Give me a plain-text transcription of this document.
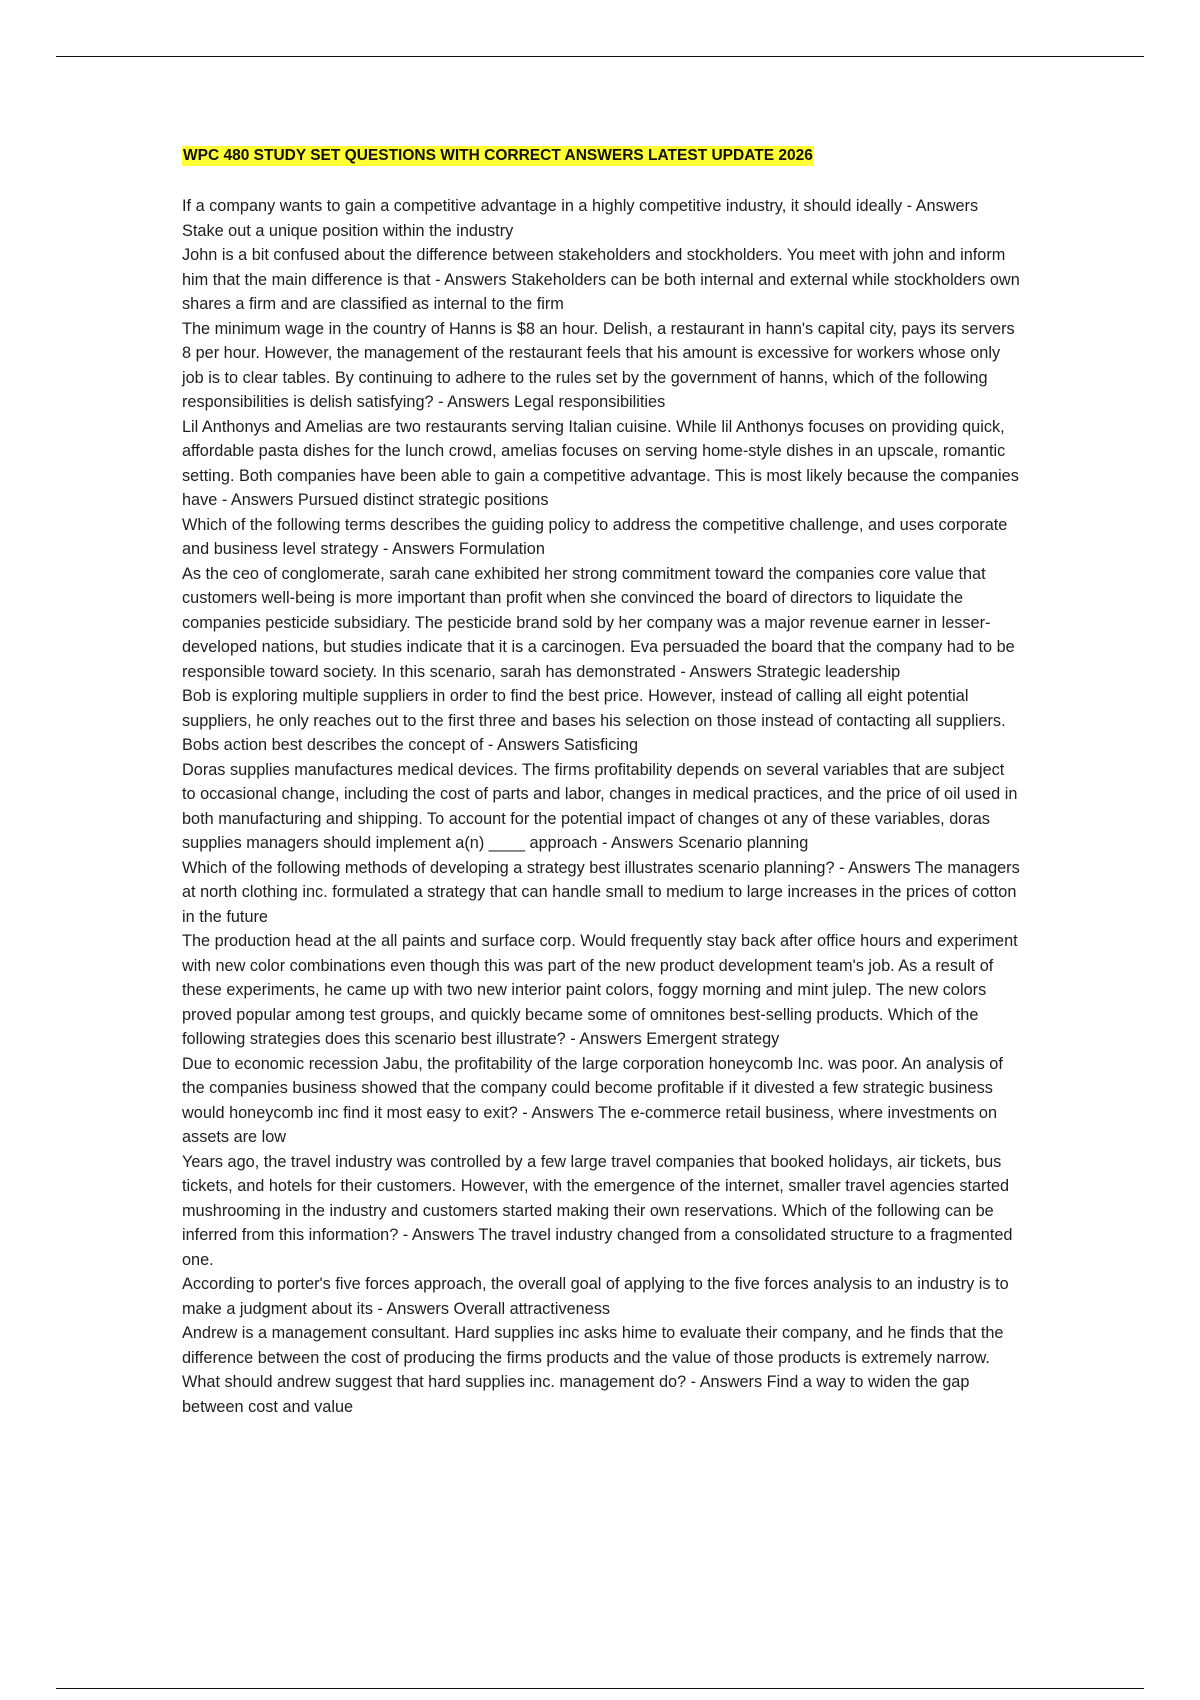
WPC 480 STUDY SET QUESTIONS WITH CORRECT ANSWERS LATEST UPDATE 2026

If a company wants to gain a competitive advantage in a highly competitive industry, it should ideally - Answers Stake out a unique position within the industry

John is a bit confused about the difference between stakeholders and stockholders. You meet with john and inform him that the main difference is that - Answers Stakeholders can be both internal and external while stockholders own shares a firm and are classified as internal to the firm

The minimum wage in the country of Hanns is $8 an hour. Delish, a restaurant in hann's capital city, pays its servers 8 per hour. However, the management of the restaurant feels that his amount is excessive for workers whose only job is to clear tables. By continuing to adhere to the rules set by the government of hanns, which of the following responsibilities is delish satisfying? - Answers Legal responsibilities

Lil Anthonys and Amelias are two restaurants serving Italian cuisine. While lil Anthonys focuses on providing quick, affordable pasta dishes for the lunch crowd, amelias focuses on serving home-style dishes in an upscale, romantic setting. Both companies have been able to gain a competitive advantage. This is most likely because the companies have - Answers Pursued distinct strategic positions

Which of the following terms describes the guiding policy to address the competitive challenge, and uses corporate and business level strategy - Answers Formulation

As the ceo of conglomerate, sarah cane exhibited her strong commitment toward the companies core value that customers well-being is more important than profit when she convinced the board of directors to liquidate the companies pesticide subsidiary. The pesticide brand sold by her company was a major revenue earner in lesser-developed nations, but studies indicate that it is a carcinogen. Eva persuaded the board that the company had to be responsible toward society. In this scenario, sarah has demonstrated - Answers Strategic leadership

Bob is exploring multiple suppliers in order to find the best price. However, instead of calling all eight potential suppliers, he only reaches out to the first three and bases his selection on those instead of contacting all suppliers. Bobs action best describes the concept of - Answers Satisficing

Doras supplies manufactures medical devices. The firms profitability depends on several variables that are subject to occasional change, including the cost of parts and labor, changes in medical practices, and the price of oil used in both manufacturing and shipping. To account for the potential impact of changes ot any of these variables, doras supplies managers should implement a(n) ____ approach - Answers Scenario planning

Which of the following methods of developing a strategy best illustrates scenario planning? - Answers The managers at north clothing inc. formulated a strategy that can handle small to medium to large increases in the prices of cotton in the future

The production head at the all paints and surface corp. Would frequently stay back after office hours and experiment with new color combinations even though this was part of the new product development team's job. As a result of these experiments, he came up with two new interior paint colors, foggy morning and mint julep. The new colors proved popular among test groups, and quickly became some of omnitones best-selling products. Which of the following strategies does this scenario best illustrate? - Answers Emergent strategy

Due to economic recession Jabu, the profitability of the large corporation honeycomb Inc. was poor. An analysis of the companies business showed that the company could become profitable if it divested a few strategic business would honeycomb inc find it most easy to exit? - Answers The e-commerce retail business, where investments on assets are low

Years ago, the travel industry was controlled by a few large travel companies that booked holidays, air tickets, bus tickets, and hotels for their customers. However, with the emergence of the internet, smaller travel agencies started mushrooming in the industry and customers started making their own reservations. Which of the following can be inferred from this information? - Answers The travel industry changed from a consolidated structure to a fragmented one.

According to porter's five forces approach, the overall goal of applying to the five forces analysis to an industry is to make a judgment about its - Answers Overall attractiveness

Andrew is a management consultant. Hard supplies inc asks hime to evaluate their company, and he finds that the difference between the cost of producing the firms products and the value of those products is extremely narrow. What should andrew suggest that hard supplies inc. management do? - Answers Find a way to widen the gap between cost and value
